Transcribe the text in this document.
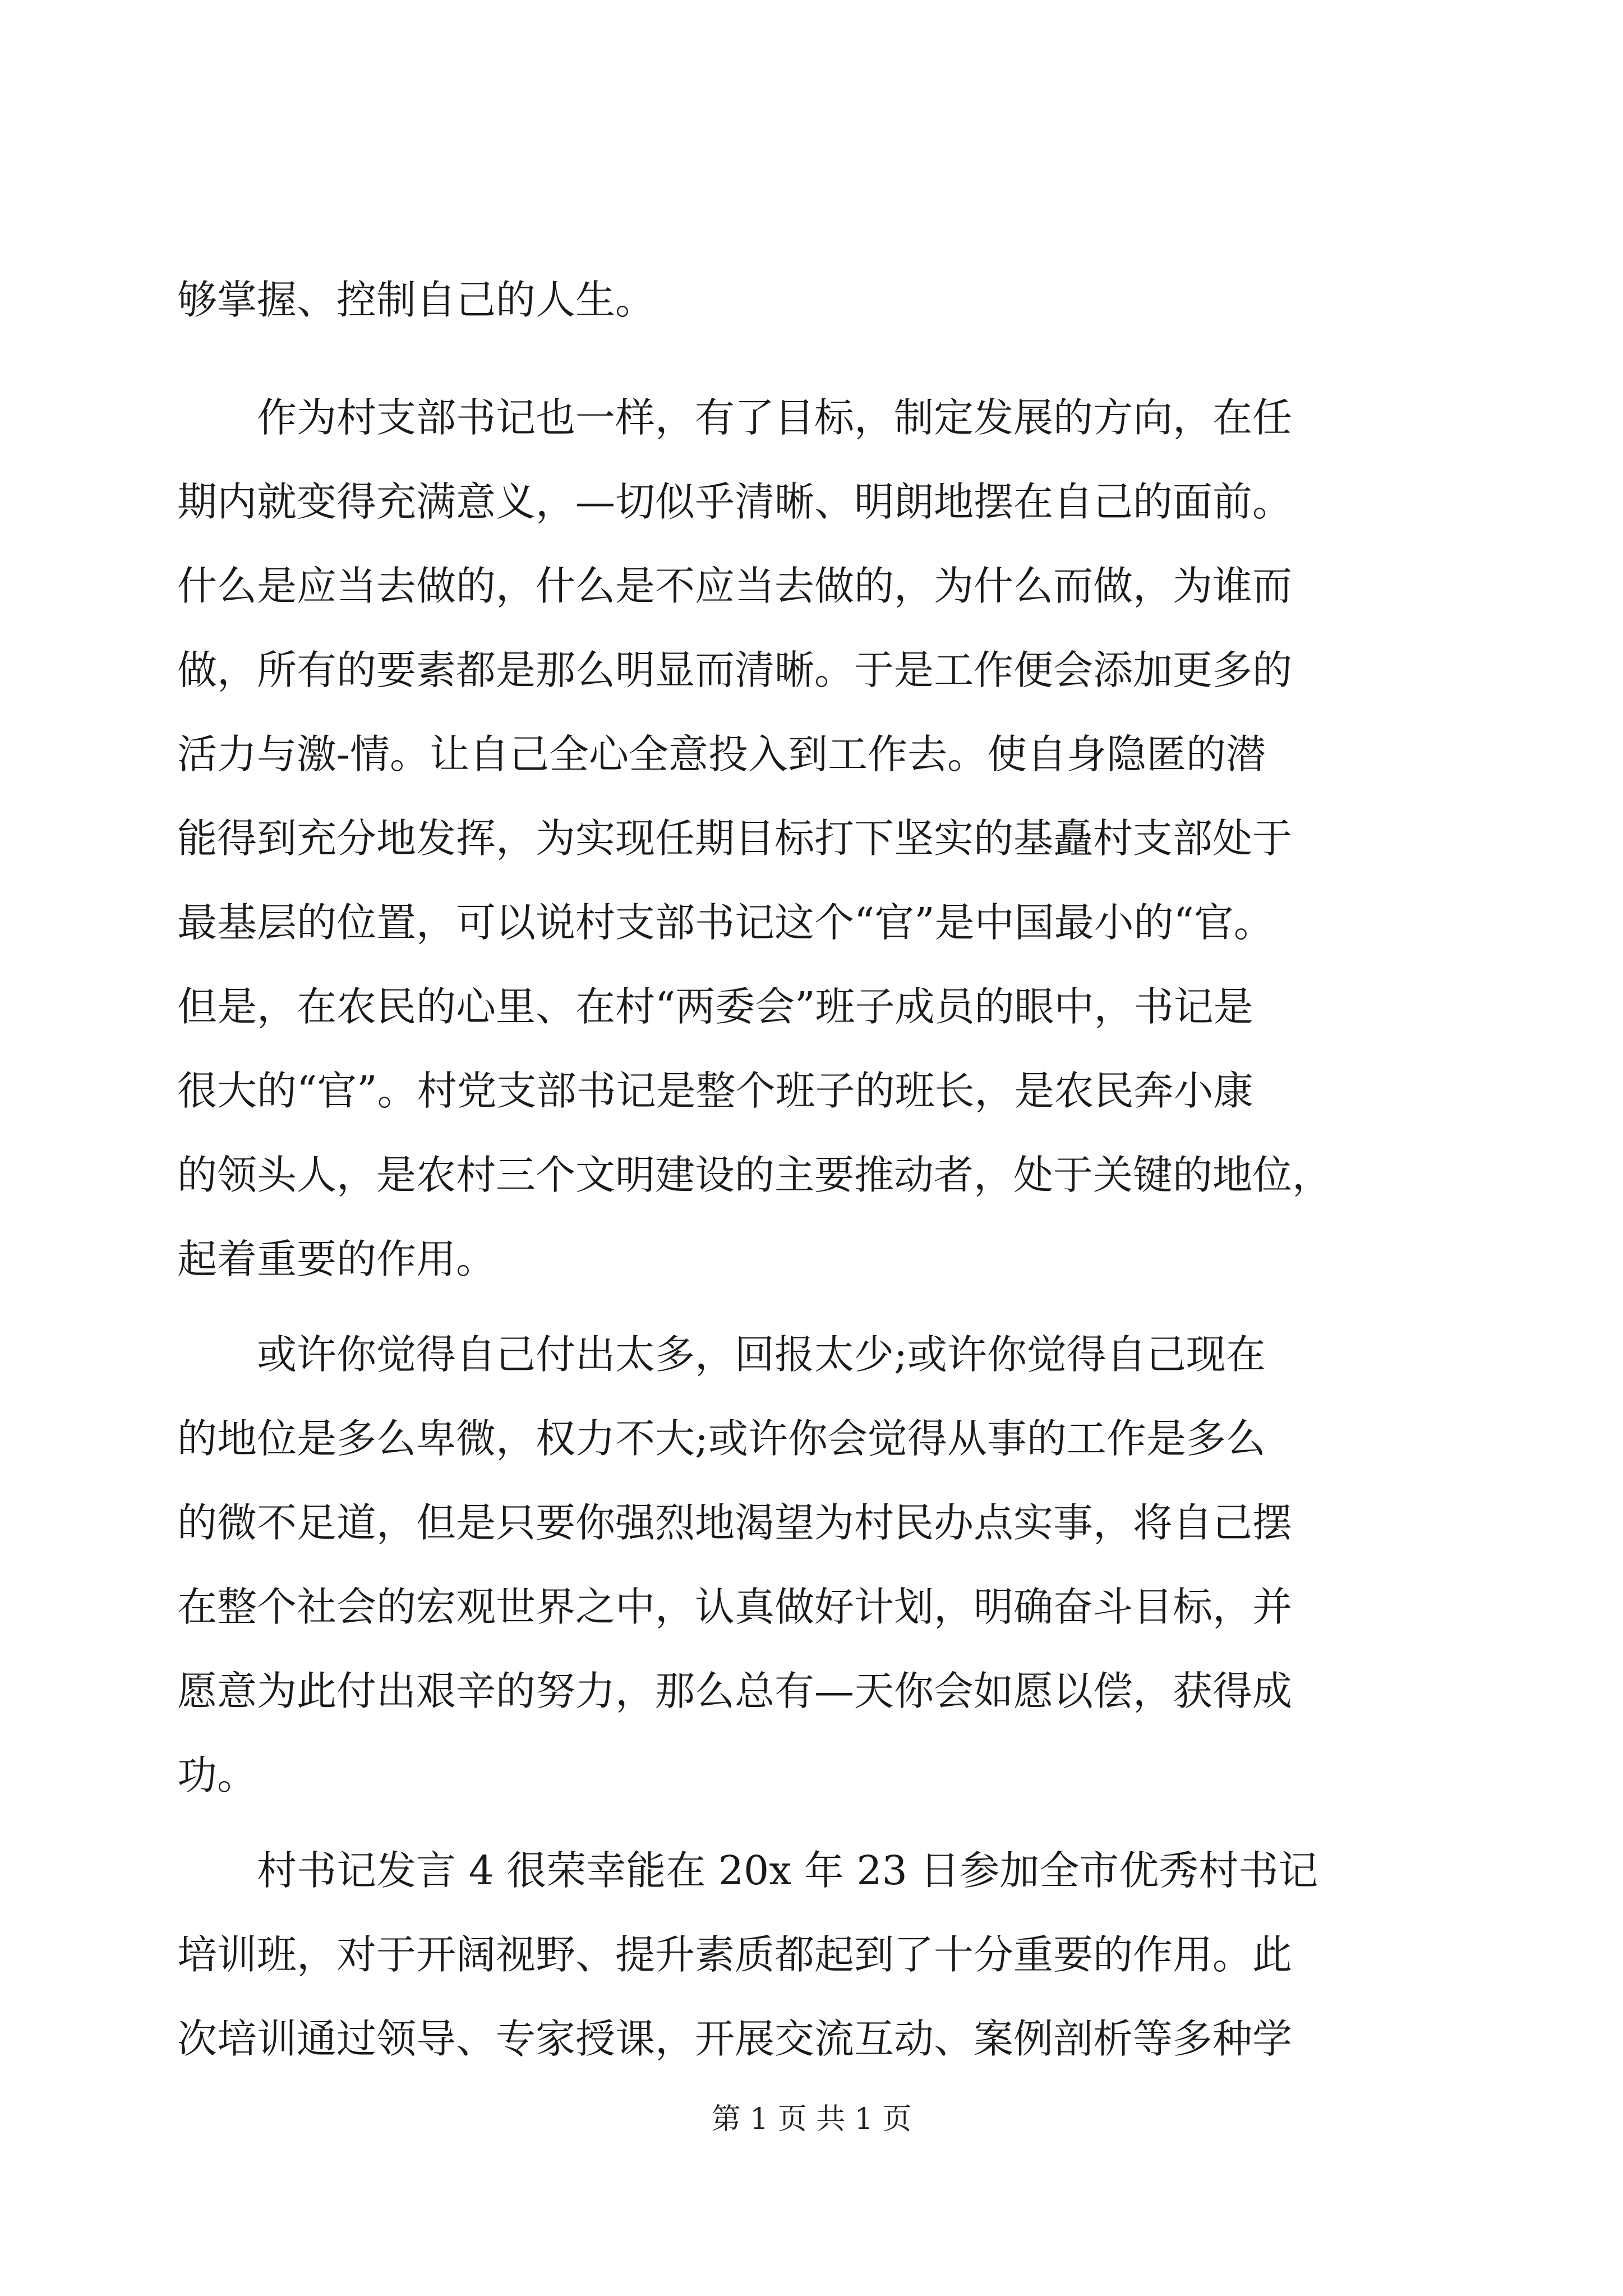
够掌握、控制自己的人生。
　　作为村支部书记也一样，有了目标，制定发展的方向，在任
期内就变得充满意义，—切似乎清晰、明朗地摆在自己的面前。
什么是应当去做的，什么是不应当去做的，为什么而做，为谁而
做，所有的要素都是那么明显而清晰。于是工作便会添加更多的
活力与激-情。让自己全心全意投入到工作去。使自身隐匿的潜
能得到充分地发挥，为实现任期目标打下坚实的基矗村支部处于
最基层的位置，可以说村支部书记这个“官”是中国最小的“官。
但是，在农民的心里、在村“两委会”班子成员的眼中，书记是
很大的“官”。村党支部书记是整个班子的班长，是农民奔小康
的领头人，是农村三个文明建设的主要推动者，处于关键的地位，
起着重要的作用。
　　或许你觉得自己付出太多，回报太少;或许你觉得自己现在
的地位是多么卑微，权力不大;或许你会觉得从事的工作是多么
的微不足道，但是只要你强烈地渴望为村民办点实事，将自己摆
在整个社会的宏观世界之中，认真做好计划，明确奋斗目标，并
愿意为此付出艰辛的努力，那么总有—天你会如愿以偿，获得成
功。
　　村书记发言 4 很荣幸能在 20x 年 23 日参加全市优秀村书记
培训班，对于开阔视野、提升素质都起到了十分重要的作用。此
次培训通过领导、专家授课，开展交流互动、案例剖析等多种学
第 1 页 共 1 页
